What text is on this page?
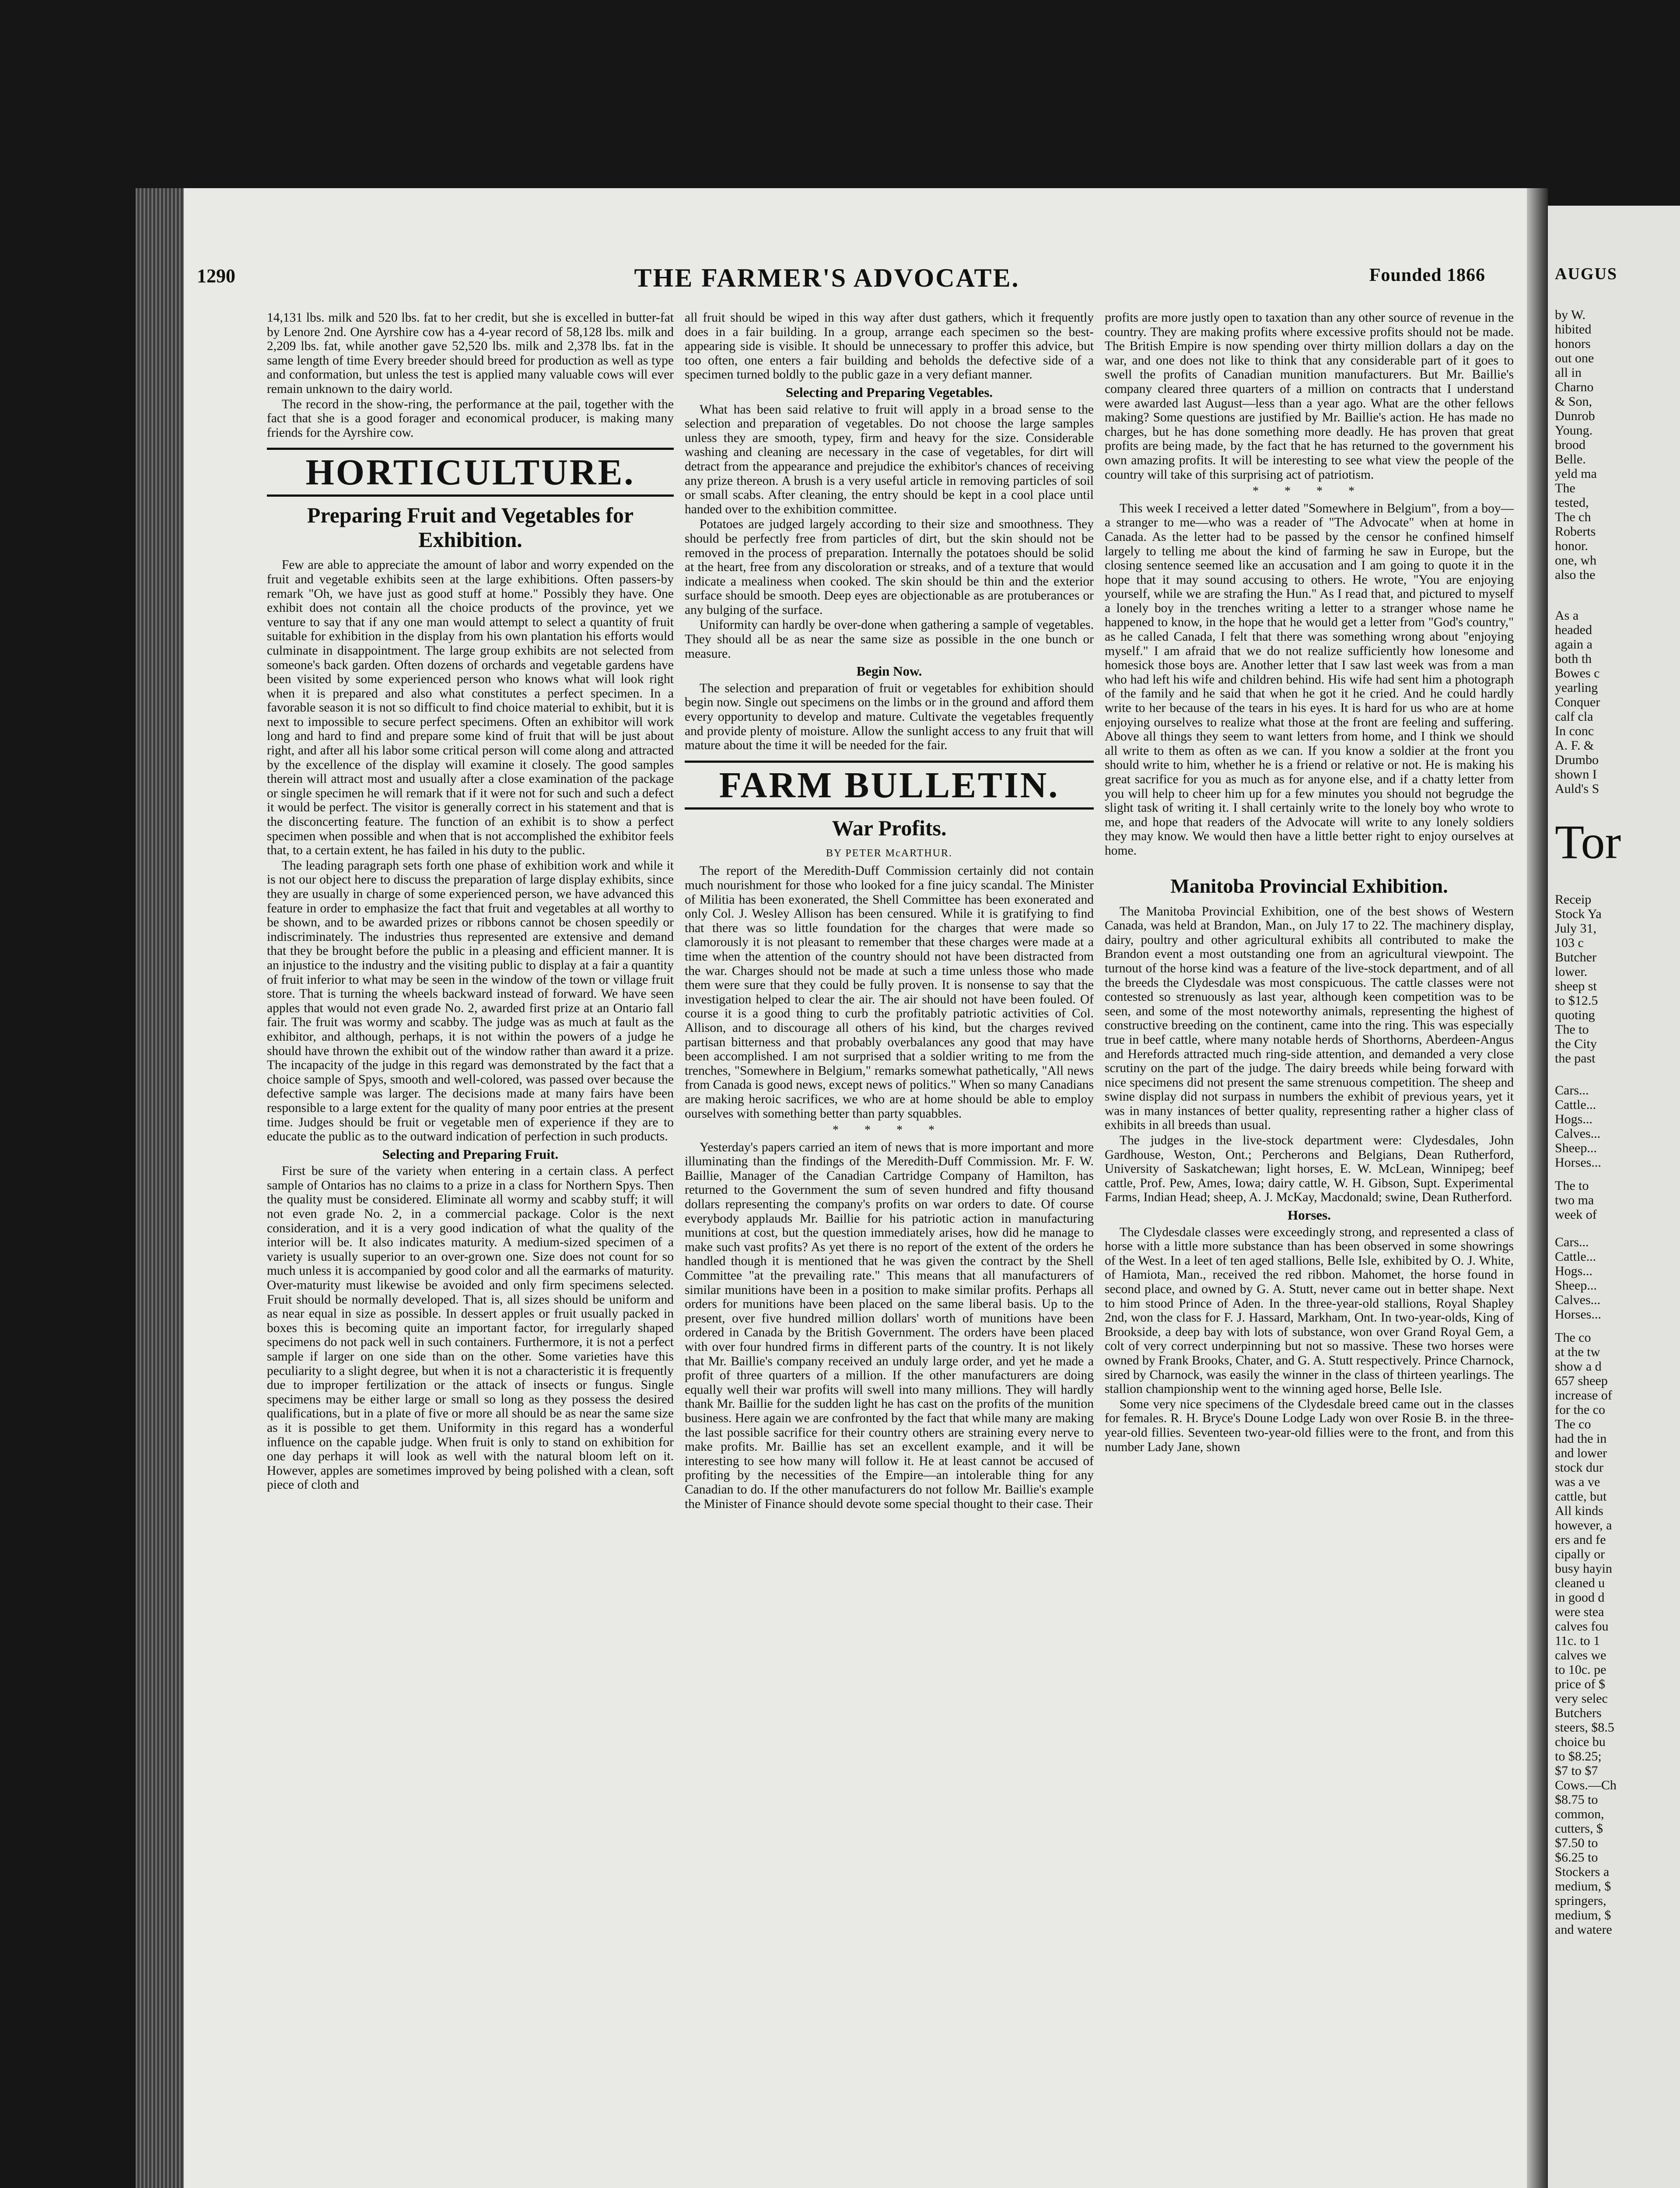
1290	THE FARMER'S ADVOCATE.	Founded 1866

14,131 lbs. milk and 520 lbs. fat to her credit, but she is excelled in butter-fat by Lenore 2nd. One Ayrshire cow has a 4-year record of 58,128 lbs. milk and 2,209 lbs. fat, while another gave 52,520 lbs. milk and 2,378 lbs. fat in the same length of time Every breeder should breed for production as well as type and conformation, but unless the test is applied many valuable cows will ever remain unknown to the dairy world.

The record in the show-ring, the performance at the pail, together with the fact that she is a good forager and economical producer, is making many friends for the Ayrshire cow.

HORTICULTURE.
Preparing Fruit and Vegetables for Exhibition.

Few are able to appreciate the amount of labor and worry expended on the fruit and vegetable exhibits seen at the large exhibitions. Often passers-by remark "Oh, we have just as good stuff at home." Possibly they have. One exhibit does not contain all the choice products of the province, yet we venture to say that if any one man would attempt to select a quantity of fruit suitable for exhibition in the display from his own plantation his efforts would culminate in disappointment. The large group exhibits are not selected from someone's back garden. Often dozens of orchards and vegetable gardens have been visited by some experienced person who knows what will look right when it is prepared and also what constitutes a perfect specimen. In a favorable season it is not so difficult to find choice material to exhibit, but it is next to impossible to secure perfect specimens. Often an exhibitor will work long and hard to find and prepare some kind of fruit that will be just about right, and after all his labor some critical person will come along and attracted by the excellence of the display will examine it closely. The good samples therein will attract most and usually after a close examination of the package or single specimen he will remark that if it were not for such and such a defect it would be perfect. The visitor is generally correct in his statement and that is the disconcerting feature. The function of an exhibit is to show a perfect specimen when possible and when that is not accomplished the exhibitor feels that, to a certain extent, he has failed in his duty to the public.

The leading paragraph sets forth one phase of exhibition work and while it is not our object here to discuss the preparation of large display exhibits, since they are usually in charge of some experienced person, we have advanced this feature in order to emphasize the fact that fruit and vegetables at all worthy to be shown, and to be awarded prizes or ribbons cannot be chosen speedily or indiscriminately. The industries thus represented are extensive and demand that they be brought before the public in a pleasing and efficient manner. It is an injustice to the industry and the visiting public to display at a fair a quantity of fruit inferior to what may be seen in the window of the town or village fruit store. That is turning the wheels backward instead of forward. We have seen apples that would not even grade No. 2, awarded first prize at an Ontario fall fair. The fruit was wormy and scabby. The judge was as much at fault as the exhibitor, and although, perhaps, it is not within the powers of a judge he should have thrown the exhibit out of the window rather than award it a prize. The incapacity of the judge in this regard was demonstrated by the fact that a choice sample of Spys, smooth and well-colored, was passed over because the defective sample was larger. The decisions made at many fairs have been responsible to a large extent for the quality of many poor entries at the present time. Judges should be fruit or vegetable men of experience if they are to educate the public as to the outward indication of perfection in such products.

Selecting and Preparing Fruit.

First be sure of the variety when entering in a certain class. A perfect sample of Ontarios has no claims to a prize in a class for Northern Spys. Then the quality must be considered. Eliminate all wormy and scabby stuff; it will not even grade No. 2, in a commercial package. Color is the next consideration, and it is a very good indication of what the quality of the interior will be. It also indicates maturity. A medium-sized specimen of a variety is usually superior to an over-grown one. Size does not count for so much unless it is accompanied by good color and all the earmarks of maturity. Over-maturity must likewise be avoided and only firm specimens selected. Fruit should be normally developed. That is, all sizes should be uniform and as near equal in size as possible. In dessert apples or fruit usually packed in boxes this is becoming quite an important factor, for irregularly shaped specimens do not pack well in such containers. Furthermore, it is not a perfect sample if larger on one side than on the other. Some varieties have this peculiarity to a slight degree, but when it is not a characteristic it is frequently due to improper fertilization or the attack of insects or fungus. Single specimens may be either large or small so long as they possess the desired qualifications, but in a plate of five or more all should be as near the same size as it is possible to get them. Uniformity in this regard has a wonderful influence on the capable judge. When fruit is only to stand on exhibition for one day perhaps it will look as well with the natural bloom left on it. However, apples are sometimes improved by being polished with a clean, soft piece of cloth and

all fruit should be wiped in this way after dust gathers, which it frequently does in a fair building. In a group, arrange each specimen so the best-appearing side is visible. It should be unnecessary to proffer this advice, but too often, one enters a fair building and beholds the defective side of a specimen turned boldly to the public gaze in a very defiant manner.

Selecting and Preparing Vegetables.

What has been said relative to fruit will apply in a broad sense to the selection and preparation of vegetables. Do not choose the large samples unless they are smooth, typey, firm and heavy for the size. Considerable washing and cleaning are necessary in the case of vegetables, for dirt will detract from the appearance and prejudice the exhibitor's chances of receiving any prize thereon. A brush is a very useful article in removing particles of soil or small scabs. After cleaning, the entry should be kept in a cool place until handed over to the exhibition committee.

Potatoes are judged largely according to their size and smoothness. They should be perfectly free from particles of dirt, but the skin should not be removed in the process of preparation. Internally the potatoes should be solid at the heart, free from any discoloration or streaks, and of a texture that would indicate a mealiness when cooked. The skin should be thin and the exterior surface should be smooth. Deep eyes are objectionable as are protuberances or any bulging of the surface.

Uniformity can hardly be over-done when gathering a sample of vegetables. They should all be as near the same size as possible in the one bunch or measure.

Begin Now.

The selection and preparation of fruit or vegetables for exhibition should begin now. Single out specimens on the limbs or in the ground and afford them every opportunity to develop and mature. Cultivate the vegetables frequently and provide plenty of moisture. Allow the sunlight access to any fruit that will mature about the time it will be needed for the fair.

FARM BULLETIN.
War Profits.
BY PETER McARTHUR.

The report of the Meredith-Duff Commission certainly did not contain much nourishment for those who looked for a fine juicy scandal. The Minister of Militia has been exonerated, the Shell Committee has been exonerated and only Col. J. Wesley Allison has been censured. While it is gratifying to find that there was so little foundation for the charges that were made so clamorously it is not pleasant to remember that these charges were made at a time when the attention of the country should not have been distracted from the war. Charges should not be made at such a time unless those who made them were sure that they could be fully proven. It is nonsense to say that the investigation helped to clear the air. The air should not have been fouled. Of course it is a good thing to curb the profitably patriotic activities of Col. Allison, and to discourage all others of his kind, but the charges revived partisan bitterness and that probably overbalances any good that may have been accomplished. I am not surprised that a soldier writing to me from the trenches, "Somewhere in Belgium," remarks somewhat pathetically, "All news from Canada is good news, except news of politics." When so many Canadians are making heroic sacrifices, we who are at home should be able to employ ourselves with something better than party squabbles.

* * * *

Yesterday's papers carried an item of news that is more important and more illuminating than the findings of the Meredith-Duff Commission. Mr. F. W. Baillie, Manager of the Canadian Cartridge Company of Hamilton, has returned to the Government the sum of seven hundred and fifty thousand dollars representing the company's profits on war orders to date. Of course everybody applauds Mr. Baillie for his patriotic action in manufacturing munitions at cost, but the question immediately arises, how did he manage to make such vast profits? As yet there is no report of the extent of the orders he handled though it is mentioned that he was given the contract by the Shell Committee "at the prevailing rate." This means that all manufacturers of similar munitions have been in a position to make similar profits. Perhaps all orders for munitions have been placed on the same liberal basis. Up to the present, over five hundred million dollars' worth of munitions have been ordered in Canada by the British Government. The orders have been placed with over four hundred firms in different parts of the country. It is not likely that Mr. Baillie's company received an unduly large order, and yet he made a profit of three quarters of a million. If the other manufacturers are doing equally well their war profits will swell into many millions. They will hardly thank Mr. Baillie for the sudden light he has cast on the profits of the munition business. Here again we are confronted by the fact that while many are making the last possible sacrifice for their country others are straining every nerve to make profits. Mr. Baillie has set an excellent example, and it will be interesting to see how many will follow it. He at least cannot be accused of profiting by the necessities of the Empire—an intolerable thing for any Canadian to do. If the other manufacturers do not follow Mr. Baillie's example the Minister of Finance should devote some special thought to their case. Their

profits are more justly open to taxation than any other source of revenue in the country. They are making profits where excessive profits should not be made. The British Empire is now spending over thirty million dollars a day on the war, and one does not like to think that any considerable part of it goes to swell the profits of Canadian munition manufacturers. But Mr. Baillie's company cleared three quarters of a million on contracts that I understand were awarded last August—less than a year ago. What are the other fellows making? Some questions are justified by Mr. Baillie's action. He has made no charges, but he has done something more deadly. He has proven that great profits are being made, by the fact that he has returned to the government his own amazing profits. It will be interesting to see what view the people of the country will take of this surprising act of patriotism.

* * * *

This week I received a letter dated "Somewhere in Belgium", from a boy—a stranger to me—who was a reader of "The Advocate" when at home in Canada. As the letter had to be passed by the censor he confined himself largely to telling me about the kind of farming he saw in Europe, but the closing sentence seemed like an accusation and I am going to quote it in the hope that it may sound accusing to others. He wrote, "You are enjoying yourself, while we are strafing the Hun." As I read that, and pictured to myself a lonely boy in the trenches writing a letter to a stranger whose name he happened to know, in the hope that he would get a letter from "God's country," as he called Canada, I felt that there was something wrong about "enjoying myself." I am afraid that we do not realize sufficiently how lonesome and homesick those boys are. Another letter that I saw last week was from a man who had left his wife and children behind. His wife had sent him a photograph of the family and he said that when he got it he cried. And he could hardly write to her because of the tears in his eyes. It is hard for us who are at home enjoying ourselves to realize what those at the front are feeling and suffering. Above all things they seem to want letters from home, and I think we should all write to them as often as we can. If you know a soldier at the front you should write to him, whether he is a friend or relative or not. He is making his great sacrifice for you as much as for anyone else, and if a chatty letter from you will help to cheer him up for a few minutes you should not begrudge the slight task of writing it. I shall certainly write to the lonely boy who wrote to me, and hope that readers of the Advocate will write to any lonely soldiers they may know. We would then have a little better right to enjoy ourselves at home.

Manitoba Provincial Exhibition.

The Manitoba Provincial Exhibition, one of the best shows of Western Canada, was held at Brandon, Man., on July 17 to 22. The machinery display, dairy, poultry and other agricultural exhibits all contributed to make the Brandon event a most outstanding one from an agricultural viewpoint. The turnout of the horse kind was a feature of the live-stock department, and of all the breeds the Clydesdale was most conspicuous. The cattle classes were not contested so strenuously as last year, although keen competition was to be seen, and some of the most noteworthy animals, representing the highest of constructive breeding on the continent, came into the ring. This was especially true in beef cattle, where many notable herds of Shorthorns, Aberdeen-Angus and Herefords attracted much ring-side attention, and demanded a very close scrutiny on the part of the judge. The dairy breeds while being forward with nice specimens did not present the same strenuous competition. The sheep and swine display did not surpass in numbers the exhibit of previous years, yet it was in many instances of better quality, representing rather a higher class of exhibits in all breeds than usual.

The judges in the live-stock department were: Clydesdales, John Gardhouse, Weston, Ont.; Percherons and Belgians, Dean Rutherford, University of Saskatchewan; light horses, E. W. McLean, Winnipeg; beef cattle, Prof. Pew, Ames, Iowa; dairy cattle, W. H. Gibson, Supt. Experimental Farms, Indian Head; sheep, A. J. McKay, Macdonald; swine, Dean Rutherford.

Horses.

The Clydesdale classes were exceedingly strong, and represented a class of horse with a little more substance than has been observed in some showrings of the West. In a leet of ten aged stallions, Belle Isle, exhibited by O. J. White, of Hamiota, Man., received the red ribbon. Mahomet, the horse found in second place, and owned by G. A. Stutt, never came out in better shape. Next to him stood Prince of Aden. In the three-year-old stallions, Royal Shapley 2nd, won the class for F. J. Hassard, Markham, Ont. In two-year-olds, King of Brookside, a deep bay with lots of substance, won over Grand Royal Gem, a colt of very correct underpinning but not so massive. These two horses were owned by Frank Brooks, Chater, and G. A. Stutt respectively. Prince Charnock, sired by Charnock, was easily the winner in the class of thirteen yearlings. The stallion championship went to the winning aged horse, Belle Isle.

Some very nice specimens of the Clydesdale breed came out in the classes for females. R. H. Bryce's Doune Lodge Lady won over Rosie B. in the three-year-old fillies. Seventeen two-year-old fillies were to the front, and from this number Lady Jane, shown

AUGUS
by W.
hibited
honors
out one
all in
Charno
& Son,
Dunrob
Young.
brood
Belle.
yeld ma
The
tested,
The ch
Roberts
honor.
one, wh
also the
As a
headed
again a
both th
Bowes c
yearling
Conquer
calf cla
In conc
A. F. &
Drumbo
shown I
Auld's S
Tor
Receip
Stock Ya
July 31,
103 c
Butcher
lower.
sheep st
to $12.5
quoting
The to
the City
the past
Cars...
Cattle...
Hogs...
Calves...
Sheep...
Horses...
The to
two ma
week of
Cars...
Cattle...
Hogs...
Sheep...
Calves...
Horses...
The co
at the tw
show a d
657 sheep
increase of
for the co
The co
had the in
and lower
stock dur
was a ve
cattle, but
All kinds
however, a
ers and fe
cipally or
busy hayin
cleaned u
in good d
were stea
calves fou
11c. to 1
calves we
to 10c. pe
price of $
very selec
Butchers
steers, $8.5
choice bu
to $8.25;
$7 to $7
Cows.—Ch
$8.75 to
common,
cutters, $
$7.50 to
$6.25 to
Stockers a
medium, $
springers,
medium, $
and watere
